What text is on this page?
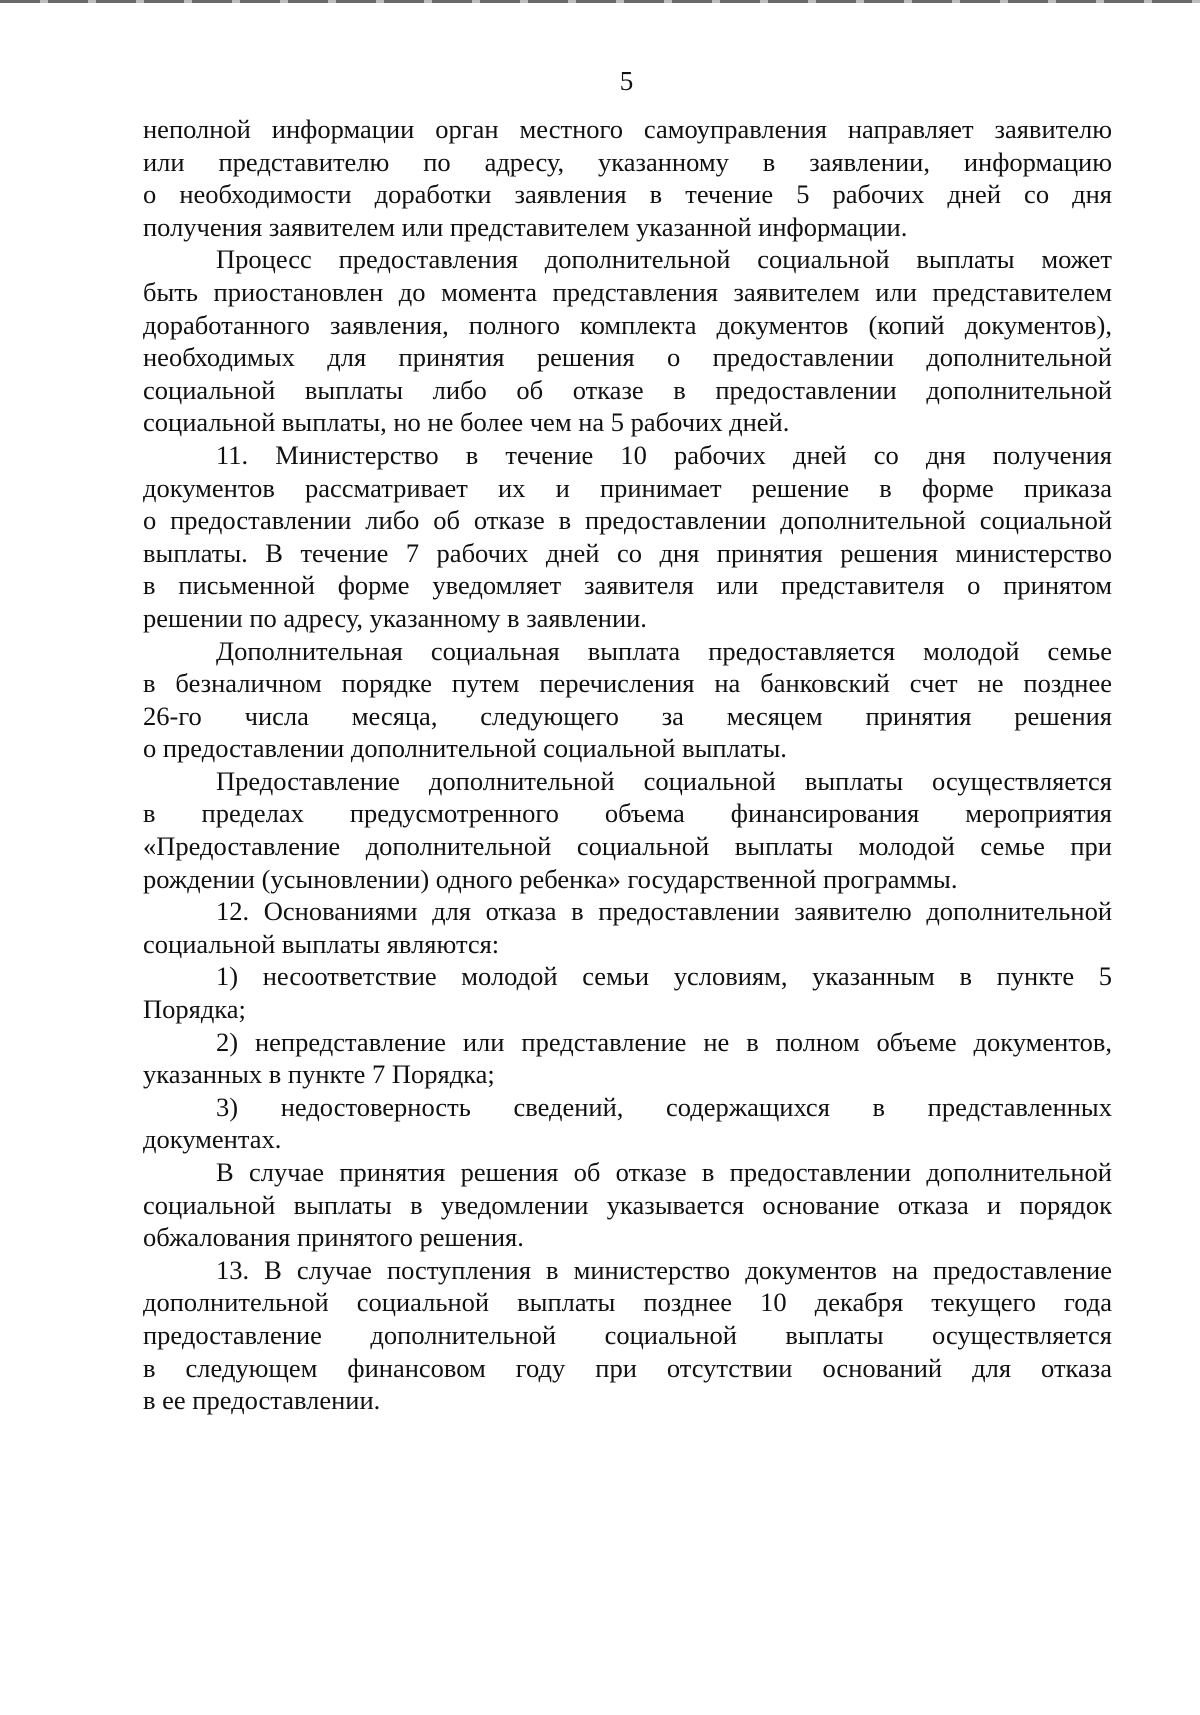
5

неполной информации орган местного самоуправления направляет заявителю
или представителю по адресу, указанному в заявлении, информацию
о необходимости доработки заявления в течение 5 рабочих дней со дня
получения заявителем или представителем указанной информации.

Процесс предоставления дополнительной социальной выплаты может
быть приостановлен до момента представления заявителем или представителем
доработанного заявления, полного комплекта документов (копий документов),
необходимых для принятия решения о предоставлении дополнительной
социальной выплаты либо об отказе в предоставлении дополнительной
социальной выплаты, но не более чем на 5 рабочих дней.

11. Министерство в течение 10 рабочих дней со дня получения
документов рассматривает их и принимает решение в форме приказа
о предоставлении либо об отказе в предоставлении дополнительной социальной
выплаты. В течение 7 рабочих дней со дня принятия решения министерство
в письменной форме уведомляет заявителя или представителя о принятом
решении по адресу, указанному в заявлении.

Дополнительная социальная выплата предоставляется молодой семье
в безналичном порядке путем перечисления на банковский счет не позднее
26-го числа месяца, следующего за месяцем принятия решения
о предоставлении дополнительной социальной выплаты.

Предоставление дополнительной социальной выплаты осуществляется
в пределах предусмотренного объема финансирования мероприятия
«Предоставление дополнительной социальной выплаты молодой семье при
рождении (усыновлении) одного ребенка» государственной программы.

12. Основаниями для отказа в предоставлении заявителю дополнительной
социальной выплаты являются:

1) несоответствие молодой семьи условиям, указанным в пункте 5
Порядка;

2) непредставление или представление не в полном объеме документов,
указанных в пункте 7 Порядка;

3) недостоверность сведений, содержащихся в представленных
документах.

В случае принятия решения об отказе в предоставлении дополнительной
социальной выплаты в уведомлении указывается основание отказа и порядок
обжалования принятого решения.

13. В случае поступления в министерство документов на предоставление
дополнительной социальной выплаты позднее 10 декабря текущего года
предоставление дополнительной социальной выплаты осуществляется
в следующем финансовом году при отсутствии оснований для отказа
в ее предоставлении.
